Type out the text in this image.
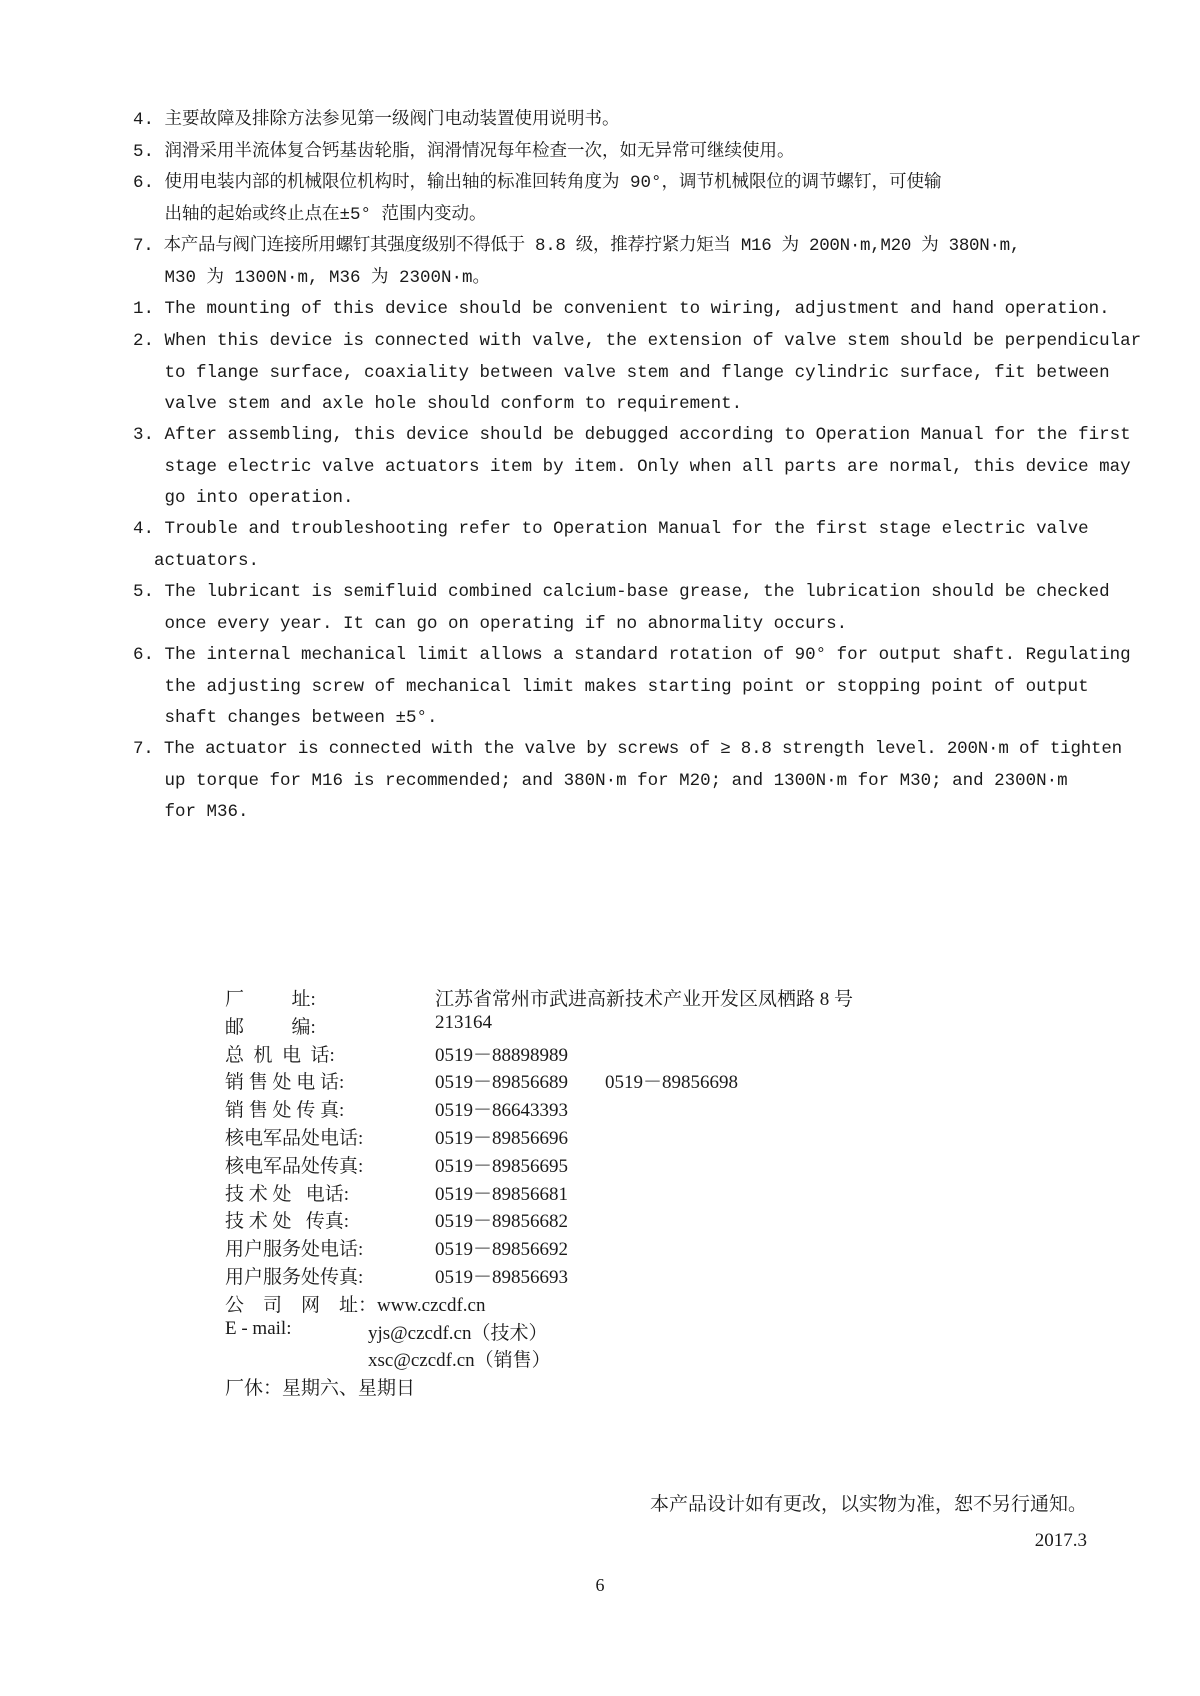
4. 主要故障及排除方法参见第一级阀门电动装置使用说明书。
5. 润滑采用半流体复合钙基齿轮脂，润滑情况每年检查一次，如无异常可继续使用。
6. 使用电装内部的机械限位机构时，输出轴的标准回转角度为 90°，调节机械限位的调节螺钉，可使输
出轴的起始或终止点在±5° 范围内变动。
7. 本产品与阀门连接所用螺钉其强度级别不得低于 8.8 级，推荐拧紧力矩当 M16 为 200N·m,M20 为 380N·m,
M30 为 1300N·m, M36 为 2300N·m。
1. The mounting of this device should be convenient to wiring, adjustment and hand operation.
2. When this device is connected with valve, the extension of valve stem should be perpendicular
to flange surface, coaxiality between valve stem and flange cylindric surface, fit between
valve stem and axle hole should conform to requirement.
3. After assembling, this device should be debugged according to Operation Manual for the first
stage electric valve actuators item by item. Only when all parts are normal, this device may
go into operation.
4. Trouble and troubleshooting refer to Operation Manual for the first stage electric valve
actuators.
5. The lubricant is semifluid combined calcium-base grease, the lubrication should be checked
once every year. It can go on operating if no abnormality occurs.
6. The internal mechanical limit allows a standard rotation of 90° for output shaft. Regulating
the adjusting screw of mechanical limit makes starting point or stopping point of output
shaft changes between ±5°.
7. The actuator is connected with the valve by screws of ≥ 8.8 strength level. 200N·m of tighten
up torque for M16 is recommended; and 380N·m for M20; and 1300N·m for M30; and 2300N·m
for M36.
厂          址:	江苏省常州市武进高新技术产业开发区凤栖路 8 号
邮          编:	213164
总  机  电  话:	0519－88898989
销 售 处 电 话:	0519－89856689 0519－89856698
销 售 处 传 真:	0519－86643393
核电军品处电话:	0519－89856696
核电军品处传真:	0519－89856695
技 术 处   电话:	0519－89856681
技 术 处   传真:	0519－89856682
用户服务处电话:	0519－89856692
用户服务处传真:	0519－89856693
公    司    网    址：www.czcdf.cn
E - mail:	yjs@czcdf.cn（技术）
xsc@czcdf.cn（销售）
厂休：星期六、星期日
本产品设计如有更改，以实物为准，恕不另行通知。
2017.3
6
